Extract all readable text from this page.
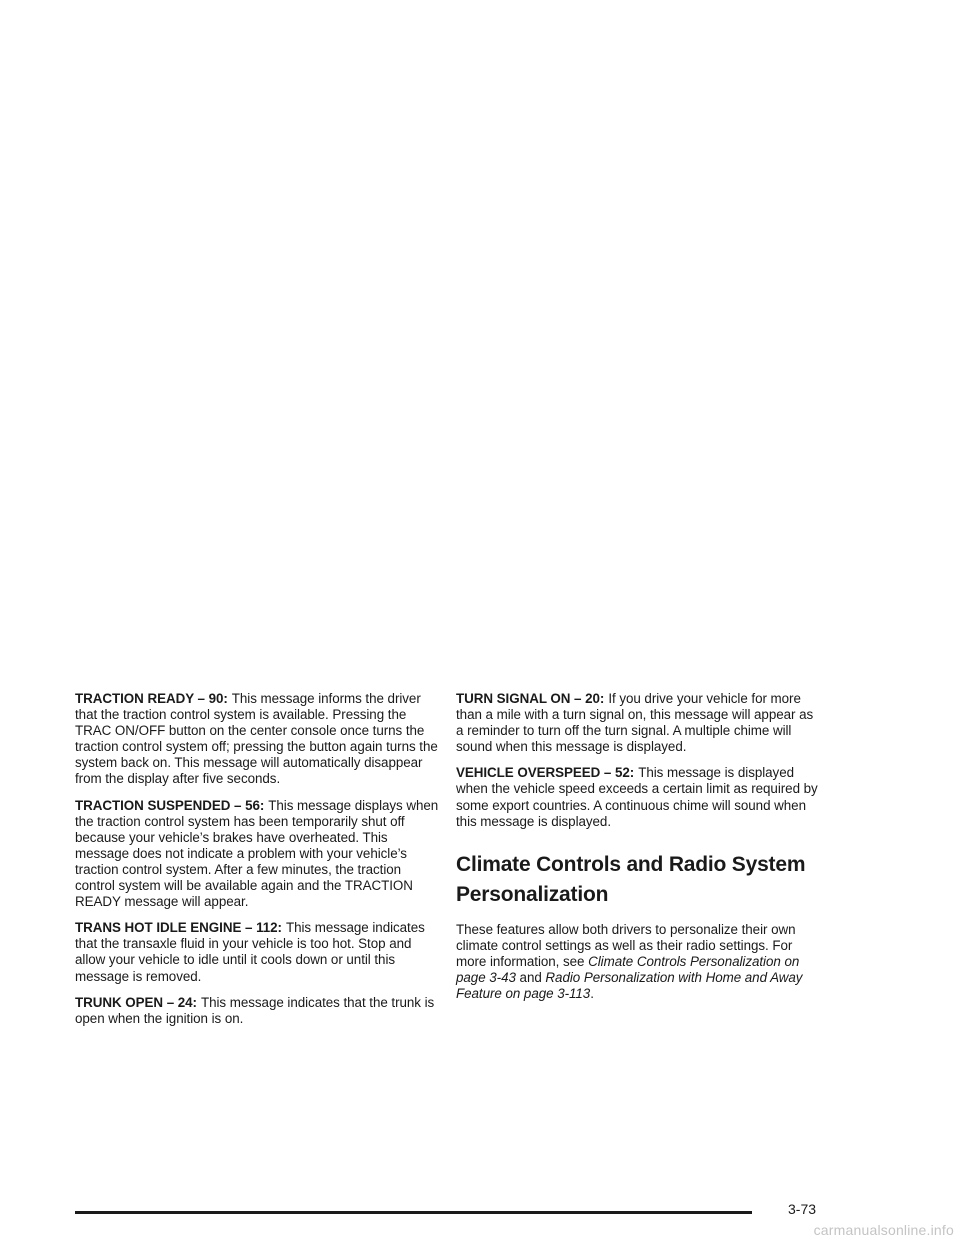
TRACTION READY – 90: This message informs the driver that the traction control system is available. Pressing the TRAC ON/OFF button on the center console once turns the traction control system off; pressing the button again turns the system back on. This message will automatically disappear from the display after five seconds.

TRACTION SUSPENDED – 56: This message displays when the traction control system has been temporarily shut off because your vehicle’s brakes have overheated. This message does not indicate a problem with your vehicle’s traction control system. After a few minutes, the traction control system will be available again and the TRACTION READY message will appear.

TRANS HOT IDLE ENGINE – 112: This message indicates that the transaxle fluid in your vehicle is too hot. Stop and allow your vehicle to idle until it cools down or until this message is removed.

TRUNK OPEN – 24: This message indicates that the trunk is open when the ignition is on.

TURN SIGNAL ON – 20: If you drive your vehicle for more than a mile with a turn signal on, this message will appear as a reminder to turn off the turn signal. A multiple chime will sound when this message is displayed.

VEHICLE OVERSPEED – 52: This message is displayed when the vehicle speed exceeds a certain limit as required by some export countries. A continuous chime will sound when this message is displayed.

Climate Controls and Radio System Personalization

These features allow both drivers to personalize their own climate control settings as well as their radio settings. For more information, see Climate Controls Personalization on page 3-43 and Radio Personalization with Home and Away Feature on page 3-113.

3-73
carmanualsonline.info
